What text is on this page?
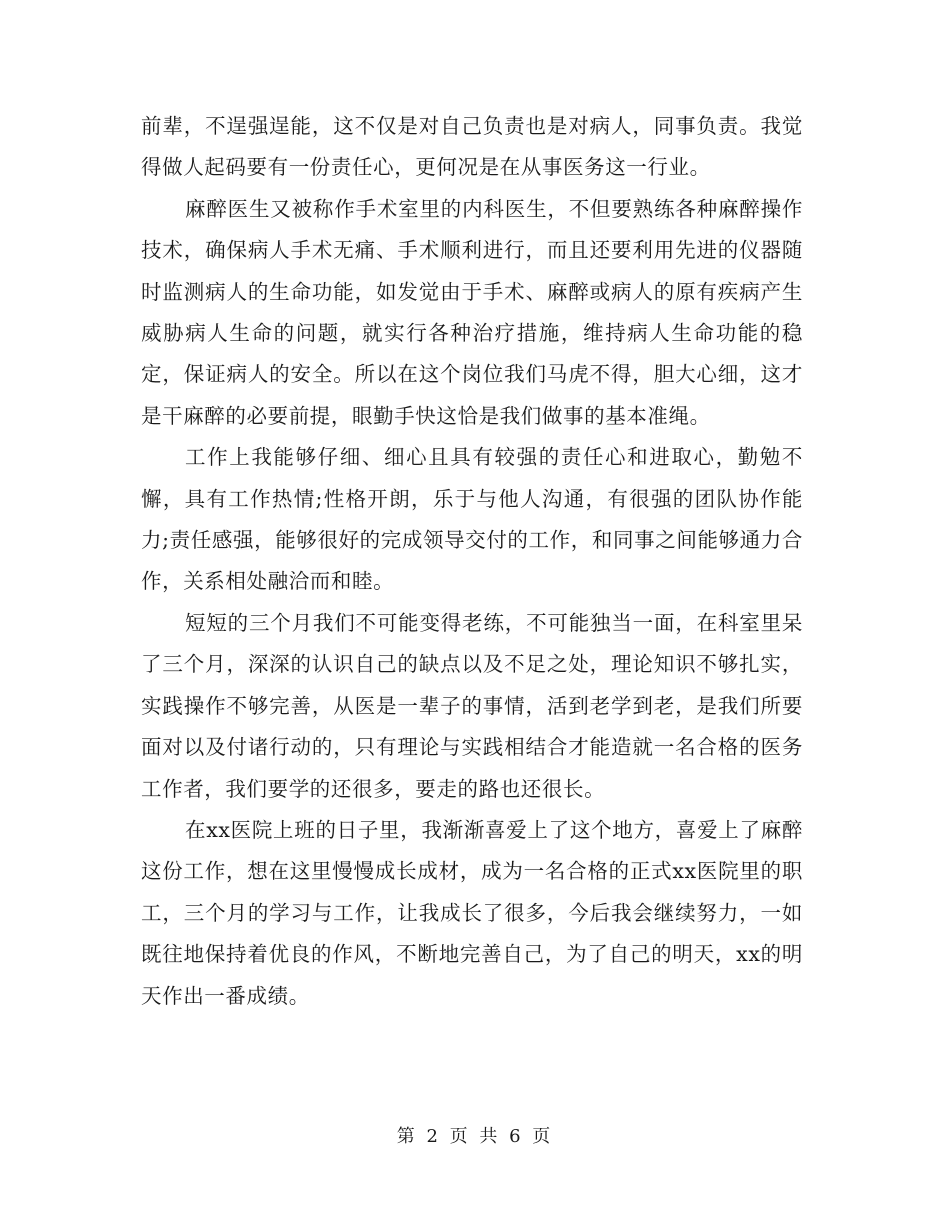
前辈，不逞强逞能，这不仅是对自己负责也是对病人，同事负责。我觉得做人起码要有一份责任心，更何况是在从事医务这一行业。

麻醉医生又被称作手术室里的内科医生，不但要熟练各种麻醉操作技术，确保病人手术无痛、手术顺利进行，而且还要利用先进的仪器随时监测病人的生命功能，如发觉由于手术、麻醉或病人的原有疾病产生威胁病人生命的问题，就实行各种治疗措施，维持病人生命功能的稳定，保证病人的安全。所以在这个岗位我们马虎不得，胆大心细，这才是干麻醉的必要前提，眼勤手快这恰是我们做事的基本准绳。

工作上我能够仔细、细心且具有较强的责任心和进取心，勤勉不懈，具有工作热情;性格开朗，乐于与他人沟通，有很强的团队协作能力;责任感强，能够很好的完成领导交付的工作，和同事之间能够通力合作，关系相处融洽而和睦。

短短的三个月我们不可能变得老练，不可能独当一面，在科室里呆了三个月，深深的认识自己的缺点以及不足之处，理论知识不够扎实，实践操作不够完善，从医是一辈子的事情，活到老学到老，是我们所要面对以及付诸行动的，只有理论与实践相结合才能造就一名合格的医务工作者，我们要学的还很多，要走的路也还很长。

在xx医院上班的日子里，我渐渐喜爱上了这个地方，喜爱上了麻醉这份工作，想在这里慢慢成长成材，成为一名合格的正式xx医院里的职工，三个月的学习与工作，让我成长了很多，今后我会继续努力，一如既往地保持着优良的作风，不断地完善自己，为了自己的明天，xx的明天作出一番成绩。

第 2 页 共 6 页
